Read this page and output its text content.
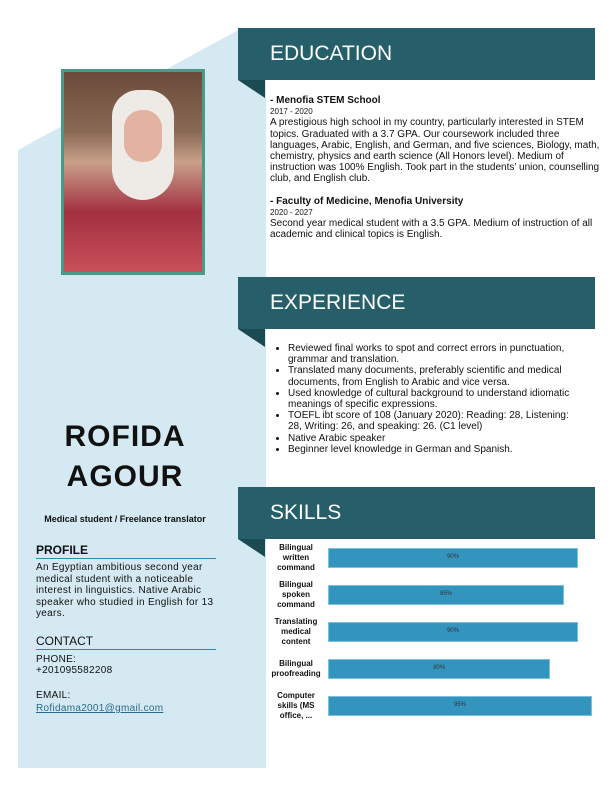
ROFIDA
AGOUR
Medical student / Freelance translator
PROFILE
An Egyptian ambitious second year medical student with a noticeable interest in linguistics. Native Arabic speaker who studied in English for 13 years.
CONTACT
PHONE:
+201095582208
EMAIL:
Rofidama2001@gmail.com
EDUCATION
- Menofia STEM School
2017 - 2020
A prestigious high school in my country, particularly interested in STEM topics. Graduated with a 3.7 GPA. Our coursework included three languages, Arabic, English, and German, and five sciences, Biology, math, chemistry, physics and earth science (All Honors level). Medium of instruction was 100% English. Took part in the students’ union, counselling club, and English club.
- Faculty of Medicine, Menofia University
2020 - 2027
Second year medical student with a 3.5 GPA. Medium of instruction of all academic and clinical topics is English.
EXPERIENCE
• Reviewed final works to spot and correct errors in punctuation, grammar and translation.
• Translated many documents, preferably scientific and medical documents, from English to Arabic and vice versa.
• Used knowledge of cultural background to understand idiomatic meanings of specific expressions.
• TOEFL ibt score of 108 (January 2020): Reading: 28, Listening: 28, Writing: 26, and speaking: 26. (C1 level)
• Native Arabic speaker
• Beginner level knowledge in German and Spanish.
SKILLS
Bilingual written command
90%
Bilingual spoken command
85%
Translating medical content
90%
Bilingual proofreading
80%
Computer skills (MS office, ...
95%
